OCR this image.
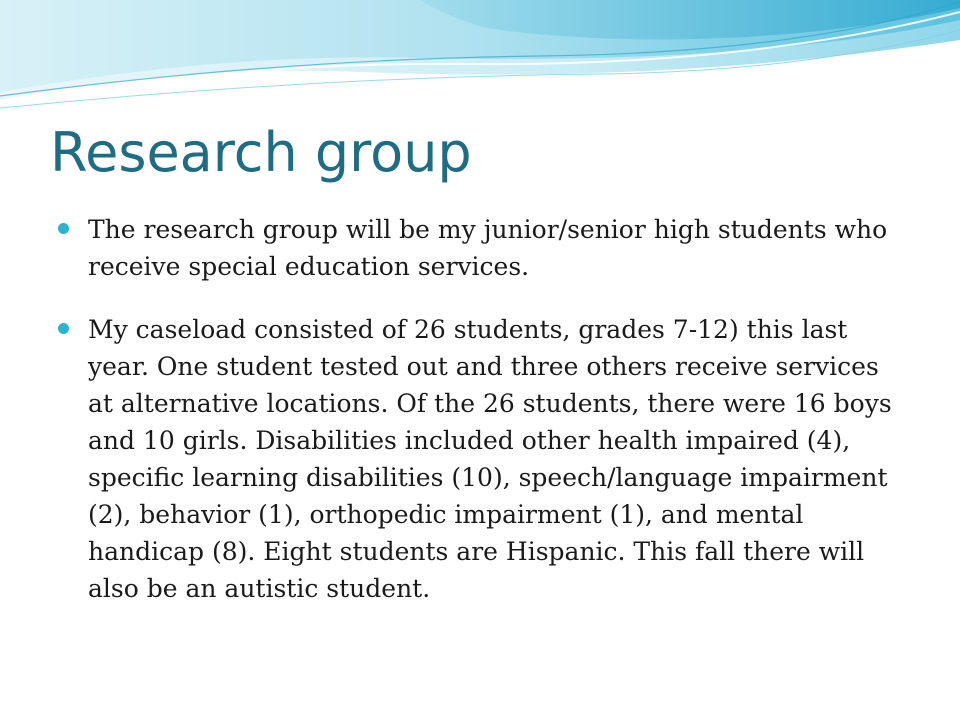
Research group
The research group will be my junior/senior high students who receive special education services.
My caseload consisted of 26 students, grades 7-12) this last year. One student tested out and three others receive services at alternative locations. Of the 26 students, there were 16 boys and 10 girls. Disabilities included other health impaired (4), specific learning disabilities (10), speech/language impairment (2), behavior (1), orthopedic impairment (1), and mental handicap (8). Eight students are Hispanic. This fall there will also be an autistic student.
